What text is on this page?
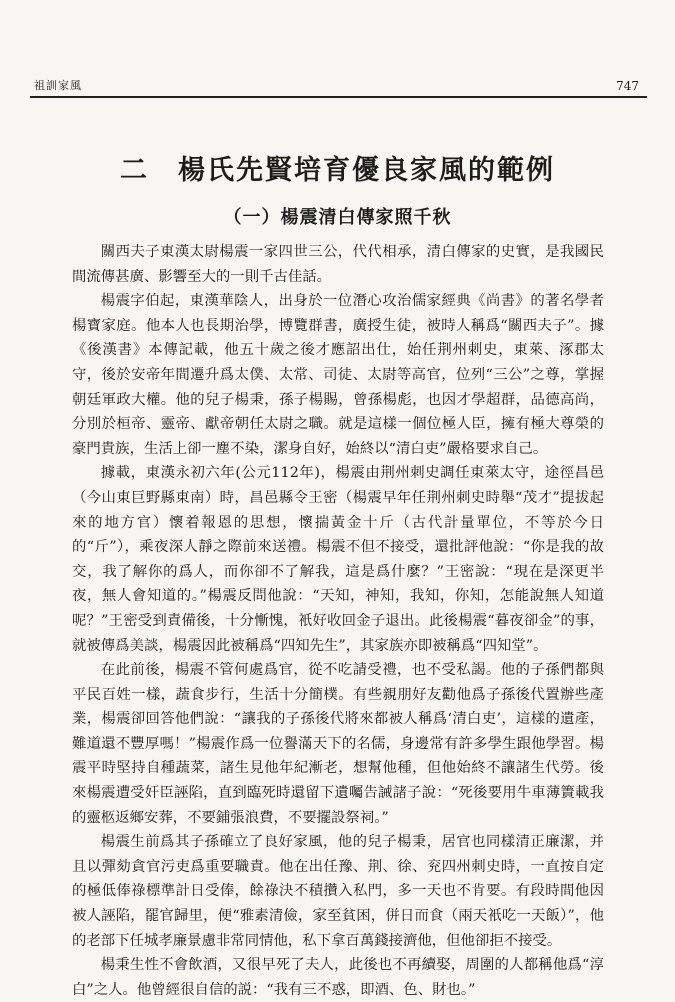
祖訓家風	747
二　楊氏先賢培育優良家風的範例
（一）楊震清白傳家照千秋

關西夫子東漢太尉楊震一家四世三公，代代相承，清白傳家的史實，是我國民間流傳甚廣、影響至大的一則千古佳話。

楊震字伯起，東漢華陰人，出身於一位潛心攻治儒家經典《尚書》的著名學者楊寶家庭。他本人也長期治學，博覽群書，廣授生徒，被時人稱爲“關西夫子”。據《後漢書》本傳記載，他五十歲之後才應詔出仕，始任荆州刺史，東萊、涿郡太守，後於安帝年間遷升爲太僕、太常、司徒、太尉等高官，位列“三公”之尊，掌握朝廷軍政大權。他的兒子楊秉，孫子楊賜，曾孫楊彪，也因才學超群，品德高尚，分別於桓帝、靈帝、獻帝朝任太尉之職。就是這樣一個位極人臣，擁有極大尊榮的豪門貴族，生活上卻一塵不染，潔身自好，始終以“清白吏”嚴格要求自己。

據載，東漢永初六年(公元112年)，楊震由荆州刺史調任東萊太守，途徑昌邑（今山東巨野縣東南）時，昌邑縣令王密（楊震早年任荆州刺史時舉“茂才”提拔起來的地方官）懷着報恩的思想，懷揣黃金十斤（古代計量單位，不等於今日的“斤”），乘夜深人靜之際前來送禮。楊震不但不接受，還批評他說：“你是我的故交，我了解你的爲人，而你卻不了解我，這是爲什麼？”王密說：“現在是深更半夜，無人會知道的。”楊震反問他說：“天知，神知，我知，你知，怎能說無人知道呢？”王密受到責備後，十分慚愧，衹好收回金子退出。此後楊震“暮夜卻金”的事，就被傳爲美談，楊震因此被稱爲“四知先生”，其家族亦即被稱爲“四知堂”。

在此前後，楊震不管何處爲官，從不吃請受禮，也不受私謁。他的子孫們都與平民百姓一樣，蔬食步行，生活十分簡樸。有些親朋好友勸他爲子孫後代置辦些產業，楊震卻回答他們說：“讓我的子孫後代將來都被人稱爲‘清白吏’，這樣的遺產，難道還不豐厚嗎！”楊震作爲一位譽滿天下的名儒，身邊常有許多學生跟他學習。楊震平時堅持自種蔬菜，諸生見他年紀漸老，想幫他種，但他始終不讓諸生代勞。後來楊震遭受奸臣誣陷，直到臨死時還留下遺囑告誡諸子說：“死後要用牛車薄簀載我的靈柩返鄉安葬，不要鋪張浪費，不要擺設祭祠。”

楊震生前爲其子孫確立了良好家風，他的兒子楊秉，居官也同樣清正廉潔，并且以彈劾貪官污吏爲重要職責。他在出任豫、荆、徐、兖四州刺史時，一直按自定的極低俸祿標準計日受俸，餘祿決不積攢入私門，多一天也不肯要。有段時間他因被人誣陷，罷官歸里，便“雅素清儉，家至貧困，併日而食（兩天衹吃一天飯）”，他的老部下任城孝廉景慮非常同情他，私下拿百萬錢接濟他，但他卻拒不接受。

楊秉生性不會飲酒，又很早死了夫人，此後也不再續娶，周圍的人都稱他爲“淳白”之人。他曾經很自信的説：“我有三不惑，即酒、色、財也。”
